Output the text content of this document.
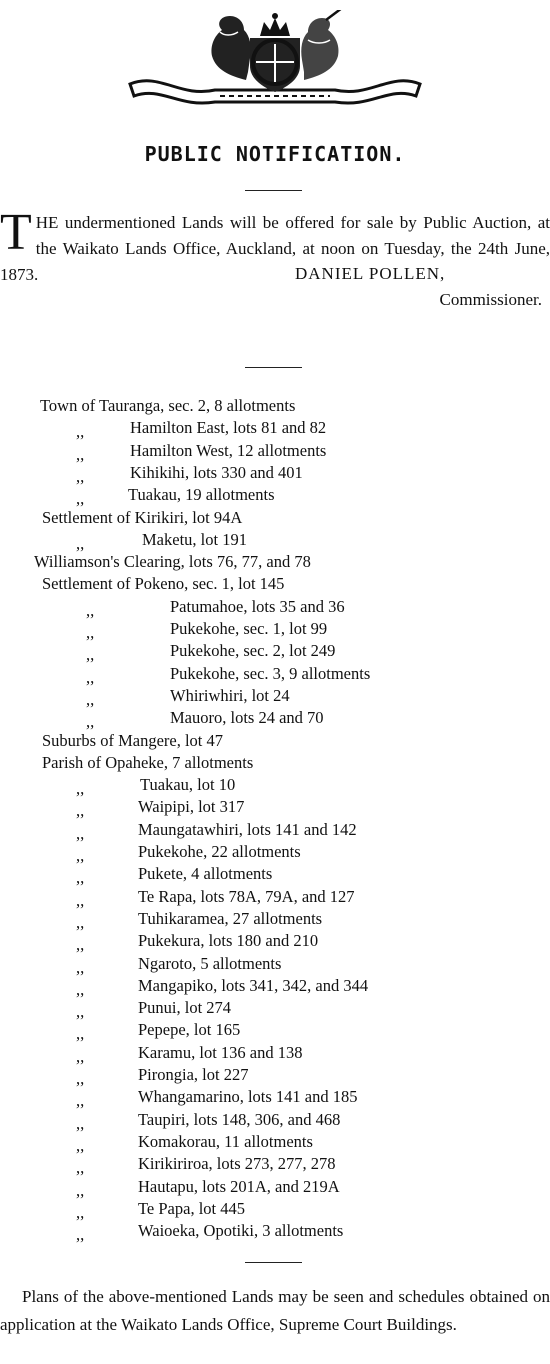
PUBLIC NOTIFICATION.

T HE undermentioned Lands will be offered for sale by Public Auction, at the Waikato Lands Office, Auckland, at noon on Tuesday, the 24th June, 1873.	DANIEL POLLEN,
Commissioner.
Town of Tauranga, sec. 2, 8 allotments
,,	Hamilton East, lots 81 and 82
,,	Hamilton West, 12 allotments
,,	Kihikihi, lots 330 and 401
,,	Tuakau, 19 allotments
Settlement of Kirikiri, lot 94A
,,	Maketu, lot 191
Williamson's Clearing, lots 76, 77, and 78
Settlement of Pokeno, sec. 1, lot 145
,,	Patumahoe, lots 35 and 36
,,	Pukekohe, sec. 1, lot 99
,,	Pukekohe, sec. 2, lot 249
,,	Pukekohe, sec. 3, 9 allotments
,,	Whiriwhiri, lot 24
,,	Mauoro, lots 24 and 70
Suburbs of Mangere, lot 47
Parish of Opaheke, 7 allotments
,,	Tuakau, lot 10
,,	Waipipi, lot 317
,,	Maungatawhiri, lots 141 and 142
,,	Pukekohe, 22 allotments
,,	Pukete, 4 allotments
,,	Te Rapa, lots 78A, 79A, and 127
,,	Tuhikaramea, 27 allotments
,,	Pukekura, lots 180 and 210
,,	Ngaroto, 5 allotments
,,	Mangapiko, lots 341, 342, and 344
,,	Punui, lot 274
,,	Pepepe, lot 165
,,	Karamu, lot 136 and 138
,,	Pirongia, lot 227
,,	Whangamarino, lots 141 and 185
,,	Taupiri, lots 148, 306, and 468
,,	Komakorau, 11 allotments
,,	Kirikiriroa, lots 273, 277, 278
,,	Hautapu, lots 201A, and 219A
,,	Te Papa, lot 445
,,	Waioeka, Opotiki, 3 allotments

Plans of the above-mentioned Lands may be seen and schedules obtained on application at the Waikato Lands Office, Supreme Court Buildings.
